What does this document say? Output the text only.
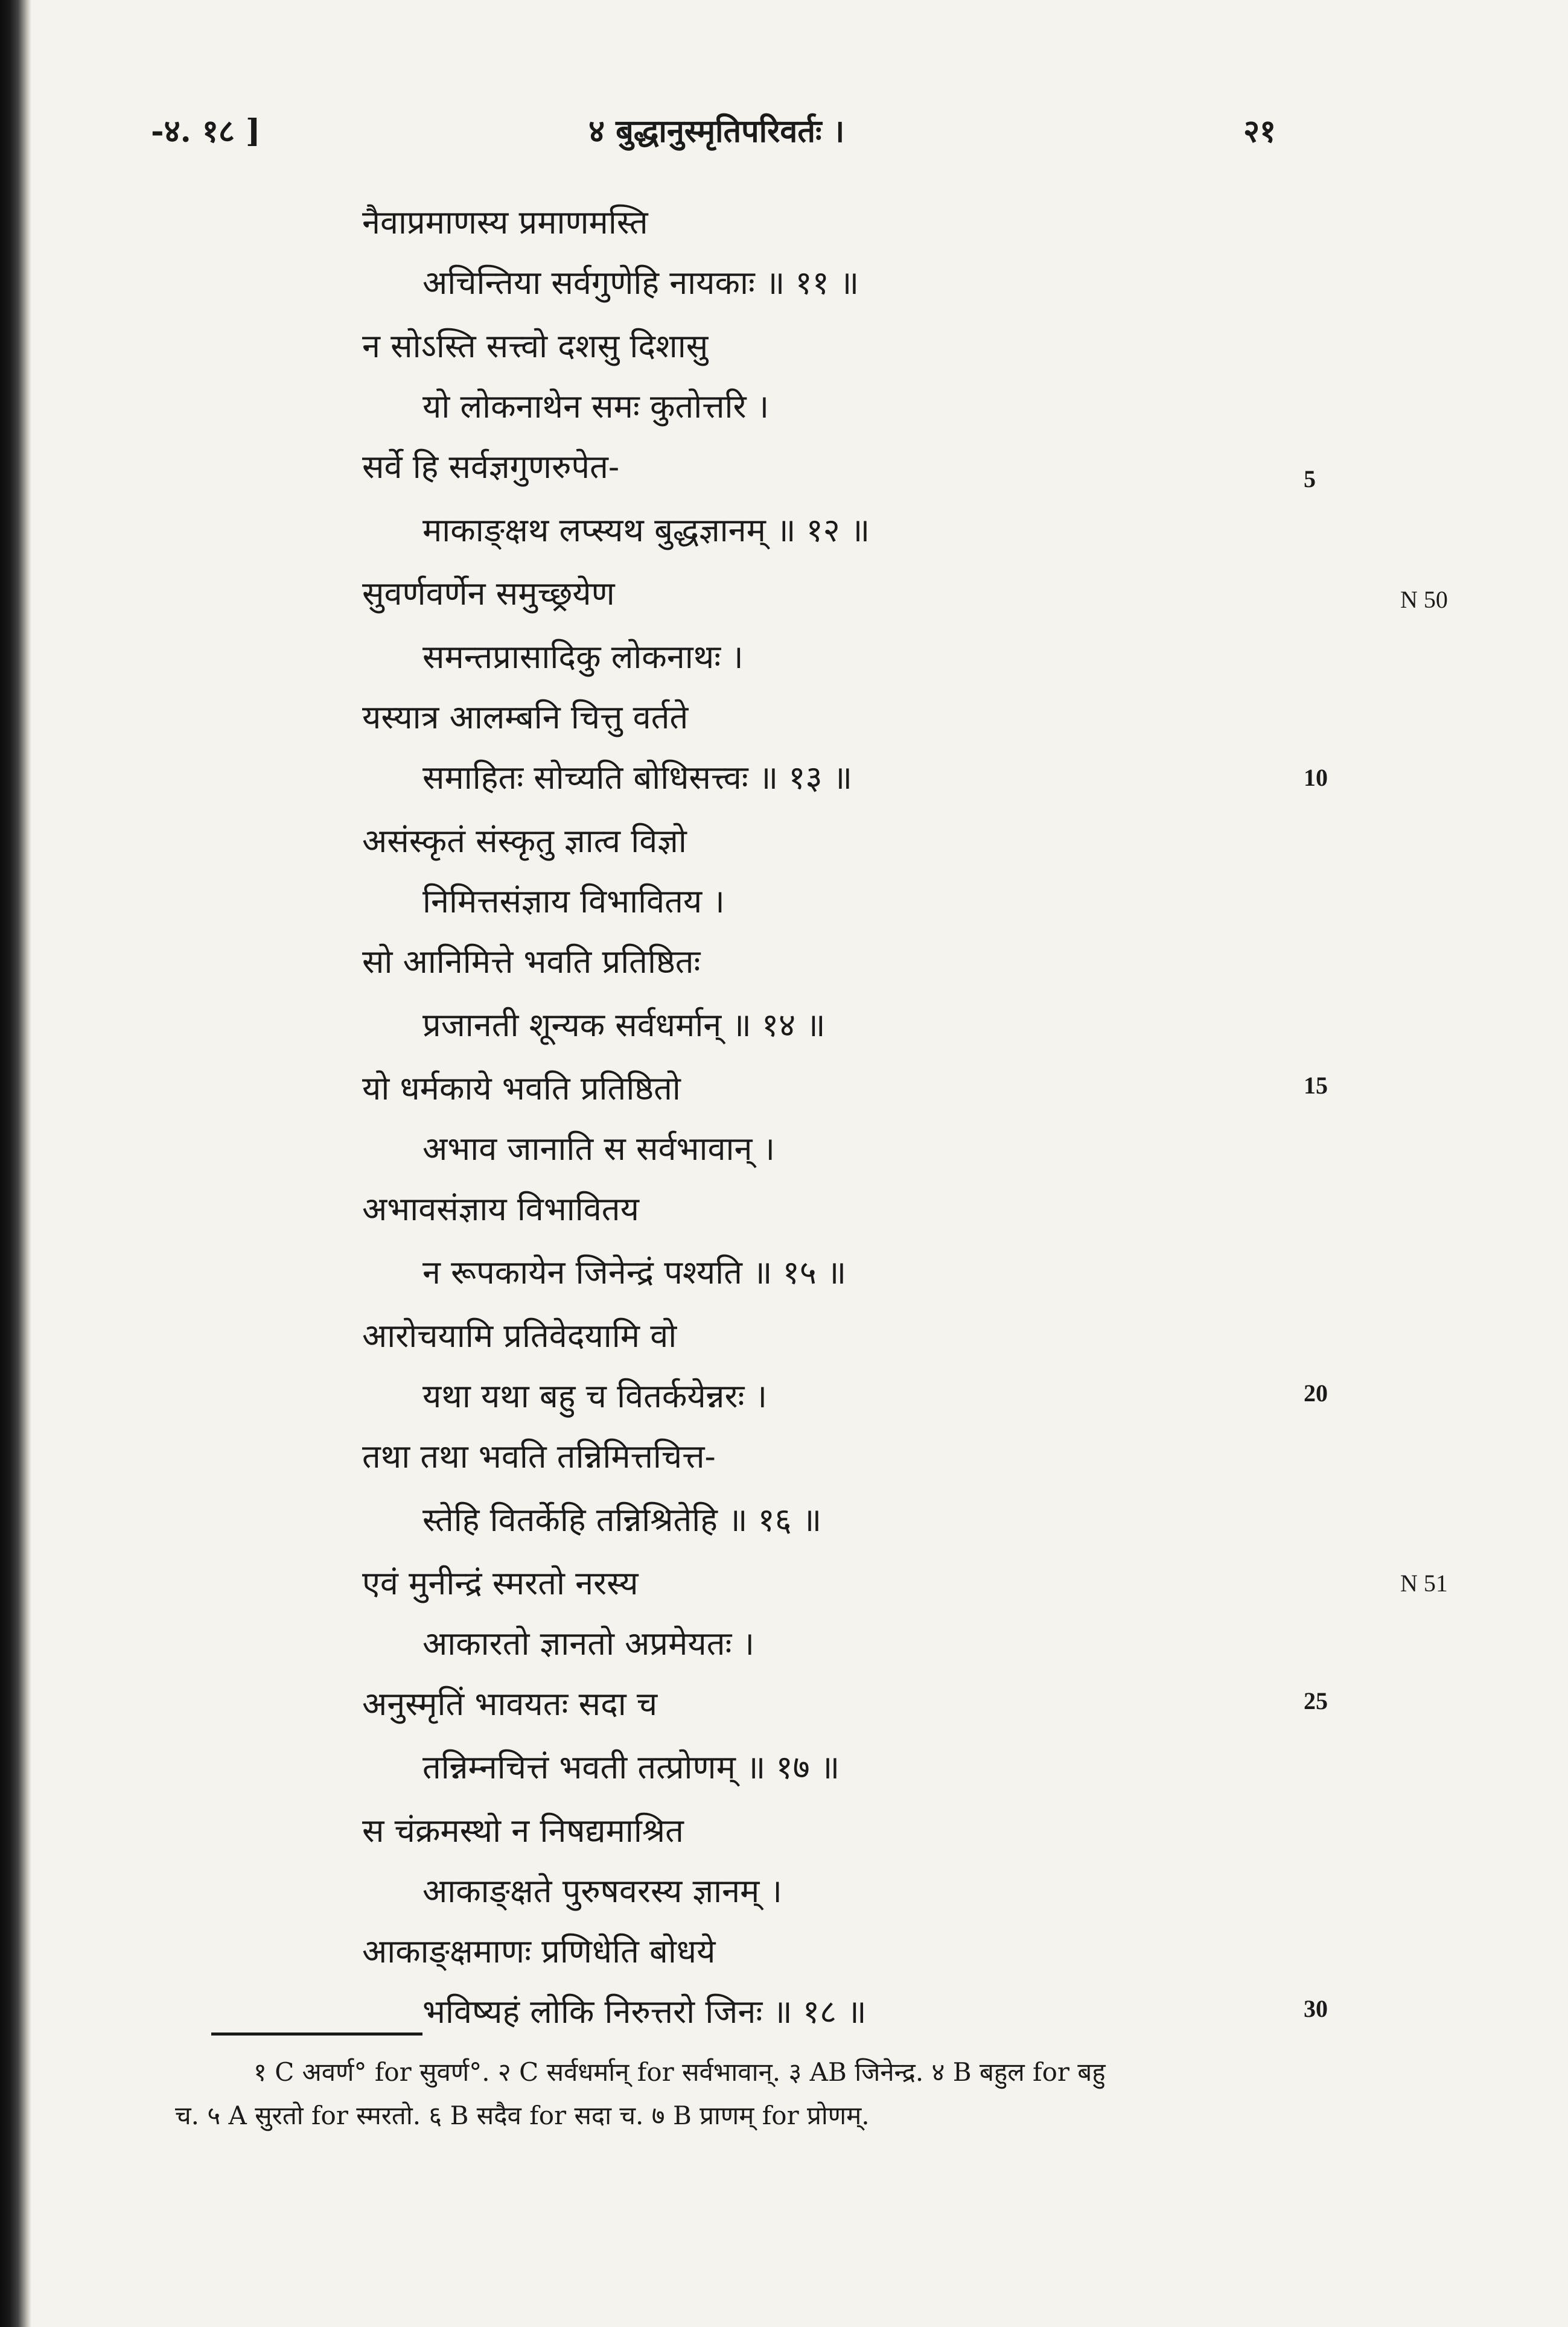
-४. १८ ]	४ बुद्धानुस्मृतिपरिवर्तः ।	२१
नैवाप्रमाणस्य प्रमाणमस्ति
अचिन्तिया सर्वगुणेहि नायकाः ॥ ११ ॥
न सोऽस्ति सत्त्वो दशसु दिशासु
यो लोकनाथेन समः कुतोत्तरि ।
सर्वे हि सर्वज्ञगुणरुपेत-
माकाङ्क्षथ लप्स्यथ बुद्धज्ञानम् ॥ १२ ॥
सुवर्णवर्णेन समुच्छ्रयेण
समन्तप्रासादिकु लोकनाथः ।
यस्यात्र आलम्बनि चित्तु वर्तते
समाहितः सोच्यति बोधिसत्त्वः ॥ १३ ॥
असंस्कृतं संस्कृतु ज्ञात्व विज्ञो
निमित्तसंज्ञाय विभावितय ।
सो आनिमित्ते भवति प्रतिष्ठितः
प्रजानती शून्यक सर्वधर्मान् ॥ १४ ॥
यो धर्मकाये भवति प्रतिष्ठितो
अभाव जानाति स सर्वभावान् ।
अभावसंज्ञाय विभावितय
न रूपकायेन जिनेन्द्रं पश्यति ॥ १५ ॥
आरोचयामि प्रतिवेदयामि वो
यथा यथा बहु च वितर्कयेन्नरः ।
तथा तथा भवति तन्निमित्तचित्त-
स्तेहि वितर्केहि तन्निश्रितेहि ॥ १६ ॥
एवं मुनीन्द्रं स्मरतो नरस्य
आकारतो ज्ञानतो अप्रमेयतः ।
अनुस्मृतिं भावयतः सदा च
तन्निम्नचित्तं भवती तत्प्रोणम् ॥ १७ ॥
स चंक्रमस्थो न निषद्यमाश्रित
आकाङ्क्षते पुरुषवरस्य ज्ञानम् ।
आकाङ्क्षमाणः प्रणिधेति बोधये
भविष्यहं लोकि निरुत्तरो जिनः ॥ १८ ॥
5
10
15
20
25
30
N 50
N 51
१ C अवर्ण° for सुवर्ण°. २ C सर्वधर्मान् for सर्वभावान्. ३ AB जिनेन्द्र. ४ B बहुल for बहु
च. ५ A सुरतो for स्मरतो. ६ B सदैव for सदा च. ७ B प्राणम् for प्रोणम्.
